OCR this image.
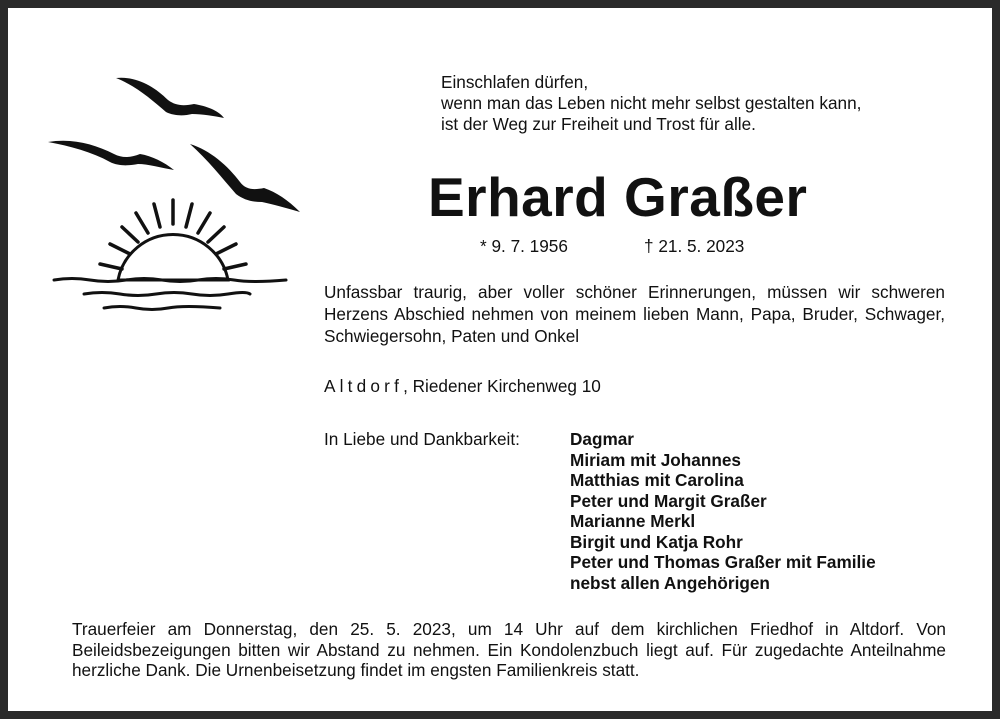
Einschlafen dürfen,
wenn man das Leben nicht mehr selbst gestalten kann,
ist der Weg zur Freiheit und Trost für alle.
Erhard Graßer
* 9. 7. 1956	† 21. 5. 2023
Unfassbar traurig, aber voller schöner Erinnerungen, müssen wir schweren Herzens Abschied nehmen von meinem lieben Mann, Papa, Bruder, Schwager, Schwiegersohn, Paten und Onkel
Altdorf, Riedener Kirchenweg 10
In Liebe und Dankbarkeit:	Dagmar
Miriam mit Johannes
Matthias mit Carolina
Peter und Margit Graßer
Marianne Merkl
Birgit und Katja Rohr
Peter und Thomas Graßer mit Familie
nebst allen Angehörigen
Trauerfeier am Donnerstag, den 25. 5. 2023, um 14 Uhr auf dem kirchlichen Friedhof in Altdorf. Von Beileidsbezeigungen bitten wir Abstand zu nehmen. Ein Kondolenzbuch liegt auf. Für zugedachte Anteilnahme herzliche Dank. Die Urnenbeisetzung findet im engsten Familienkreis statt.
